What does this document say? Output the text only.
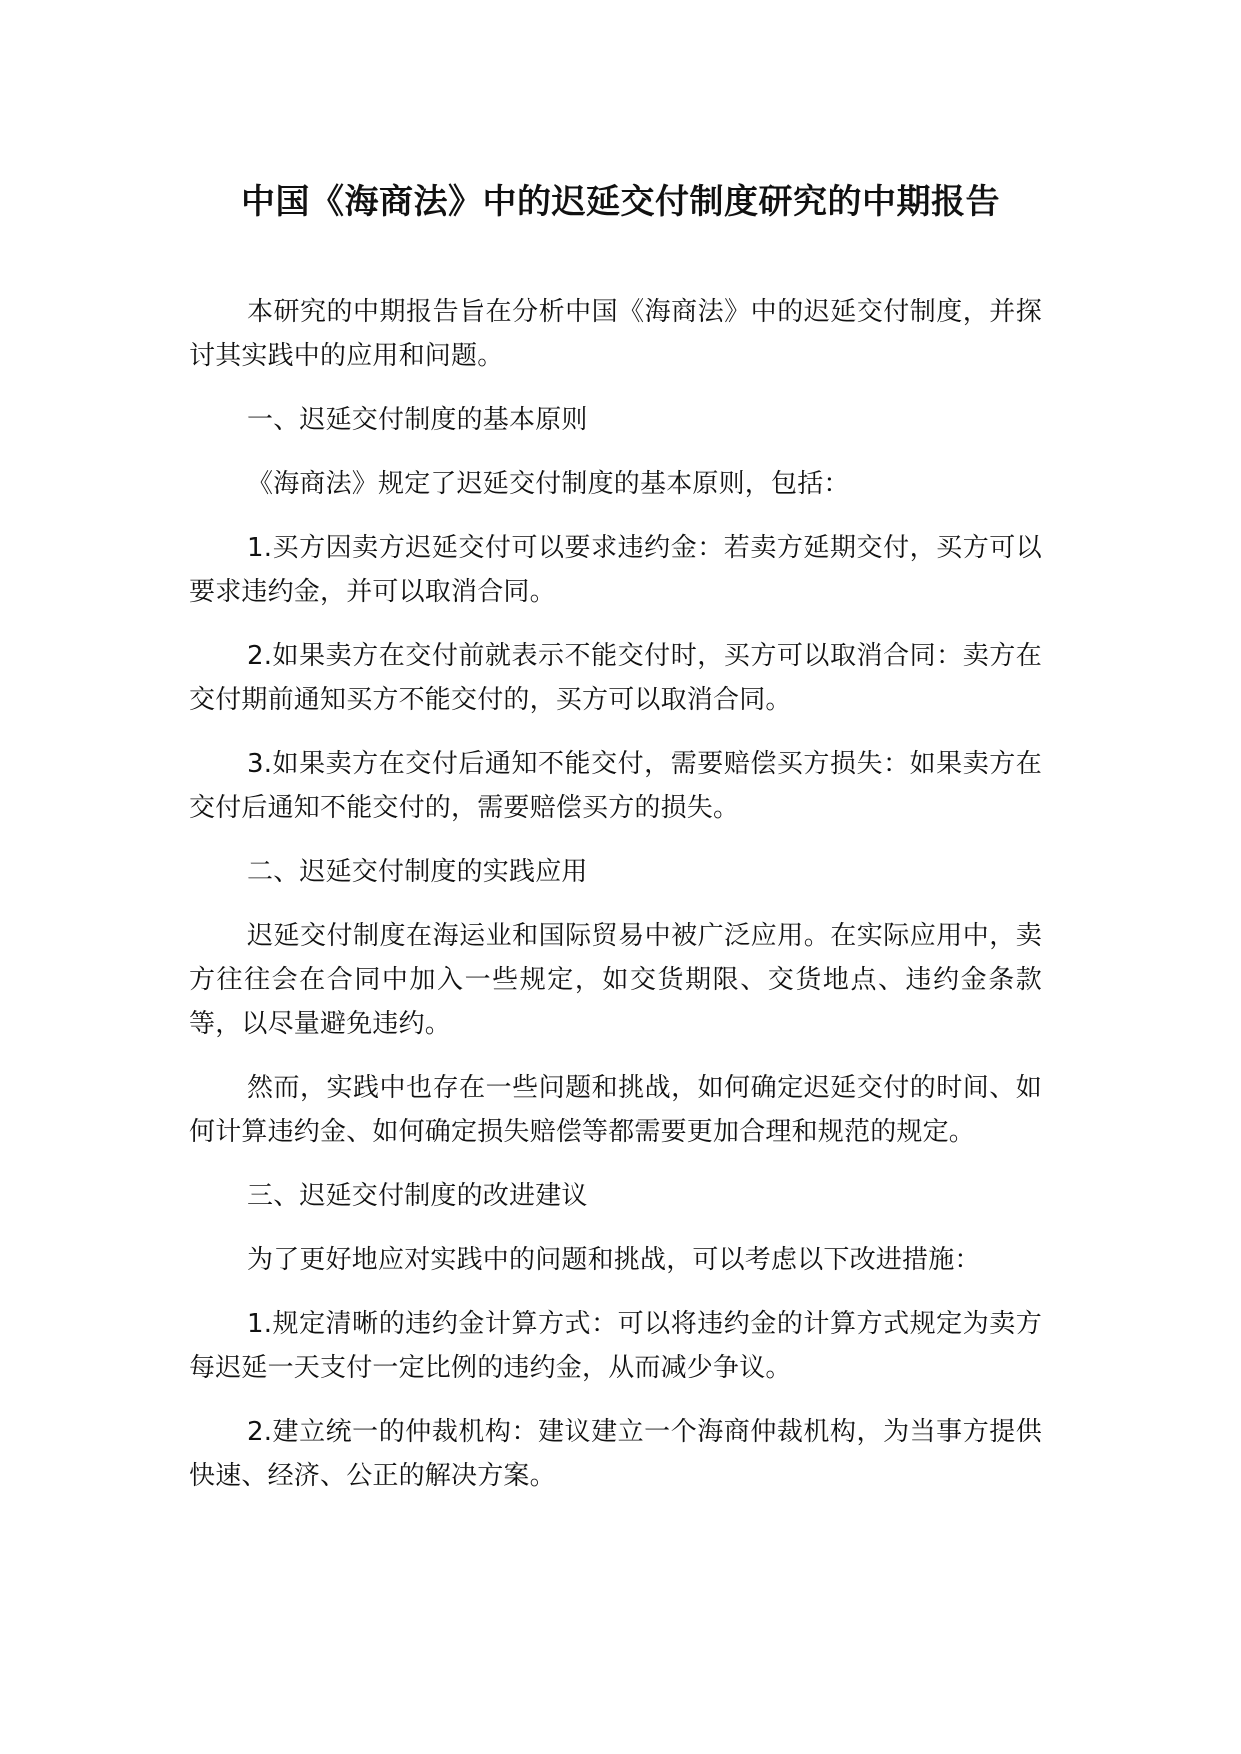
中国《海商法》中的迟延交付制度研究的中期报告

本研究的中期报告旨在分析中国《海商法》中的迟延交付制度，并探讨其实践中的应用和问题。

一、迟延交付制度的基本原则

《海商法》规定了迟延交付制度的基本原则，包括：

1.买方因卖方迟延交付可以要求违约金：若卖方延期交付，买方可以要求违约金，并可以取消合同。

2.如果卖方在交付前就表示不能交付时，买方可以取消合同：卖方在交付期前通知买方不能交付的，买方可以取消合同。

3.如果卖方在交付后通知不能交付，需要赔偿买方损失：如果卖方在交付后通知不能交付的，需要赔偿买方的损失。

二、迟延交付制度的实践应用

迟延交付制度在海运业和国际贸易中被广泛应用。在实际应用中，卖方往往会在合同中加入一些规定，如交货期限、交货地点、违约金条款等，以尽量避免违约。

然而，实践中也存在一些问题和挑战，如何确定迟延交付的时间、如何计算违约金、如何确定损失赔偿等都需要更加合理和规范的规定。

三、迟延交付制度的改进建议

为了更好地应对实践中的问题和挑战，可以考虑以下改进措施：

1.规定清晰的违约金计算方式：可以将违约金的计算方式规定为卖方每迟延一天支付一定比例的违约金，从而减少争议。

2.建立统一的仲裁机构：建议建立一个海商仲裁机构，为当事方提供快速、经济、公正的解决方案。
